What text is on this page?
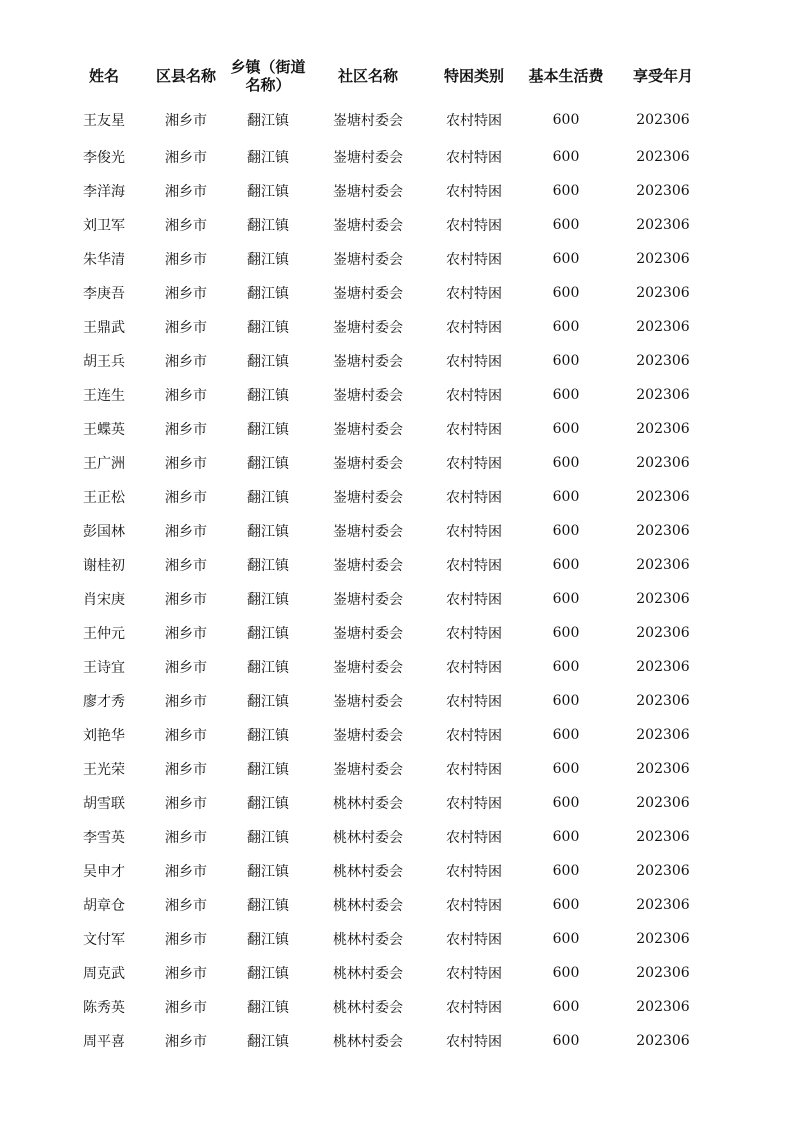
姓名	区县名称	乡镇（街道名称）	社区名称	特困类别	基本生活费	享受年月
王友星	湘乡市	翻江镇	崟塘村委会	农村特困	600	202306
李俊光	湘乡市	翻江镇	崟塘村委会	农村特困	600	202306
李洋海	湘乡市	翻江镇	崟塘村委会	农村特困	600	202306
刘卫军	湘乡市	翻江镇	崟塘村委会	农村特困	600	202306
朱华清	湘乡市	翻江镇	崟塘村委会	农村特困	600	202306
李庚吾	湘乡市	翻江镇	崟塘村委会	农村特困	600	202306
王鼎武	湘乡市	翻江镇	崟塘村委会	农村特困	600	202306
胡王兵	湘乡市	翻江镇	崟塘村委会	农村特困	600	202306
王连生	湘乡市	翻江镇	崟塘村委会	农村特困	600	202306
王蝶英	湘乡市	翻江镇	崟塘村委会	农村特困	600	202306
王广洲	湘乡市	翻江镇	崟塘村委会	农村特困	600	202306
王正松	湘乡市	翻江镇	崟塘村委会	农村特困	600	202306
彭国林	湘乡市	翻江镇	崟塘村委会	农村特困	600	202306
谢桂初	湘乡市	翻江镇	崟塘村委会	农村特困	600	202306
肖宋庚	湘乡市	翻江镇	崟塘村委会	农村特困	600	202306
王仲元	湘乡市	翻江镇	崟塘村委会	农村特困	600	202306
王诗宜	湘乡市	翻江镇	崟塘村委会	农村特困	600	202306
廖才秀	湘乡市	翻江镇	崟塘村委会	农村特困	600	202306
刘艳华	湘乡市	翻江镇	崟塘村委会	农村特困	600	202306
王光荣	湘乡市	翻江镇	崟塘村委会	农村特困	600	202306
胡雪联	湘乡市	翻江镇	桃林村委会	农村特困	600	202306
李雪英	湘乡市	翻江镇	桃林村委会	农村特困	600	202306
吴申才	湘乡市	翻江镇	桃林村委会	农村特困	600	202306
胡章仓	湘乡市	翻江镇	桃林村委会	农村特困	600	202306
文付军	湘乡市	翻江镇	桃林村委会	农村特困	600	202306
周克武	湘乡市	翻江镇	桃林村委会	农村特困	600	202306
陈秀英	湘乡市	翻江镇	桃林村委会	农村特困	600	202306
周平喜	湘乡市	翻江镇	桃林村委会	农村特困	600	202306
